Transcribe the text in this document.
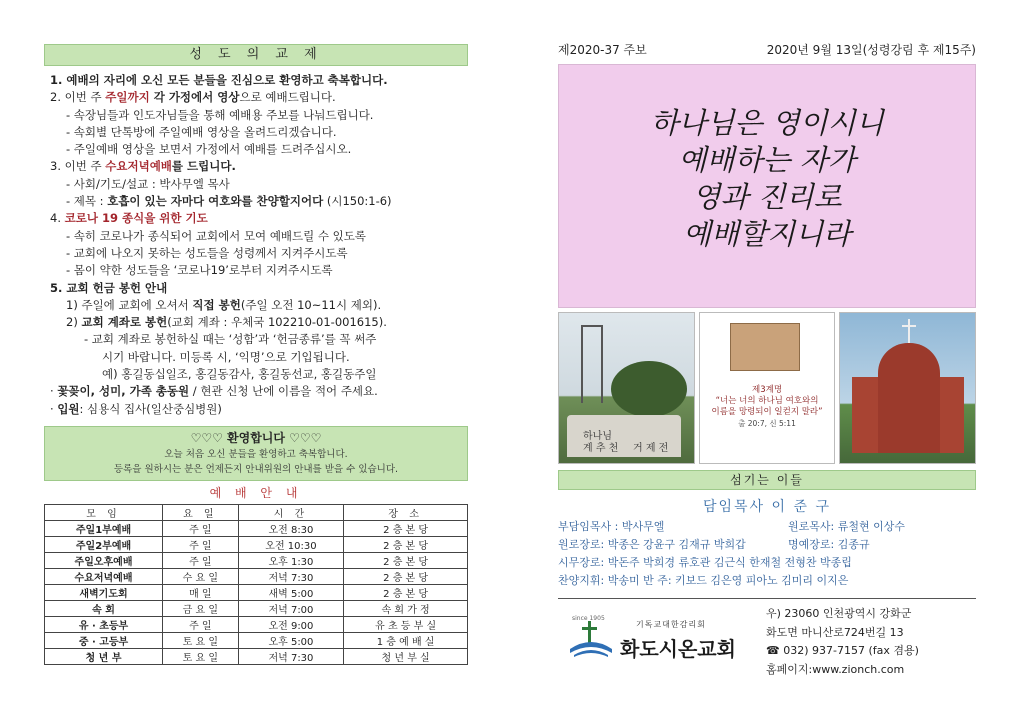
성 도 의 교 제
1. 예배의 자리에 오신 모든 분들을 진심으로 환영하고 축복합니다.
2. 이번 주 주일까지 각 가정에서 영상으로 예배드립니다.
- 속장님들과 인도자님들을 통해 예배용 주보를 나눠드립니다.
- 속회별 단톡방에 주일예배 영상을 올려드리겠습니다.
- 주일예배 영상을 보면서 가정에서 예배를 드려주십시오.
3. 이번 주 수요저녁예배를 드립니다.
- 사회/기도/설교 : 박사무엘 목사
- 제목 : 호흡이 있는 자마다 여호와를 찬양할지어다 (시150:1-6)
4. 코로나 19 종식을 위한 기도
- 속히 코로나가 종식되어 교회에서 모여 예배드릴 수 있도록
- 교회에 나오지 못하는 성도들을 성령께서 지켜주시도록
- 몸이 약한 성도들을 ‘코로나19’로부터 지켜주시도록
5. 교회 헌금 봉헌 안내
1) 주일에 교회에 오셔서 직접 봉헌(주일 오전 10~11시 제외).
2) 교회 계좌로 봉헌(교회 계좌 : 우체국 102210-01-001615).
- 교회 계좌로 봉헌하실 때는 ‘성함’과 ‘헌금종류’를 꼭 써주
시기 바랍니다. 미등록 시, ‘익명’으로 기입됩니다.
예) 홍길동십일조, 홍길동감사, 홍길동선교, 홍길동주일
· 꽃꽂이, 성미, 가족 총동원 / 현관 신청 난에 이름을 적어 주세요.
· 입원: 심용식 집사(일산중심병원)
♡♡♡ 환영합니다 ♡♡♡
오늘 처음 오신 분들을 환영하고 축복합니다.
등록을 원하시는 분은 언제든지 안내위원의 안내를 받을 수 있습니다.
예 배 안 내
모 임	요 일	시 간	장 소
주일1부예배	주 일	오전 8:30	2 층 본 당
주일2부예배	주 일	오전 10:30	2 층 본 당
주일오후예배	주 일	오후 1:30	2 층 본 당
수요저녁예배	수 요 일	저녁 7:30	2 층 본 당
새벽기도회	매 일	새벽 5:00	2 층 본 당
속 회	금 요 일	저녁 7:00	속 회 가 정
유 · 초등부	주 일	오전 9:00	유 초 등 부 실
중 · 고등부	토 요 일	오후 5:00	1 층 예 배 실
청 년 부	토 요 일	저녁 7:30	청 년 부 실
제2020-37 주보	2020년 9월 13일(성령강림 후 제15주)
하나님은 영이시니
예배하는 자가
영과 진리로
예배할지니라
하나님
계 추 천 거 제 전
제3계명
“너는 너의 하나님 여호와의
이름을 망령되이 일컫지 말라”
출 20:7, 신 5:11
섬기는 이들
담임목사 이 준 구
부담임목사 : 박사무엘	원로목사: 류철현 이상수
원로장로: 박종은 강윤구 김재규 박희갑	명예장로: 김종규
시무장로: 박돈주 박희경 류호관 김근식 한재철 전형찬 박종립
찬양지휘: 박송미 반 주: 키보드 김은영 피아노 김미리 이지은
기독교대한감리회
since 1905
화도시온교회
우) 23060 인천광역시 강화군
화도면 마니산로724번길 13
☎ 032) 937-7157 (fax 겸용)
홈페이지:www.zionch.com
